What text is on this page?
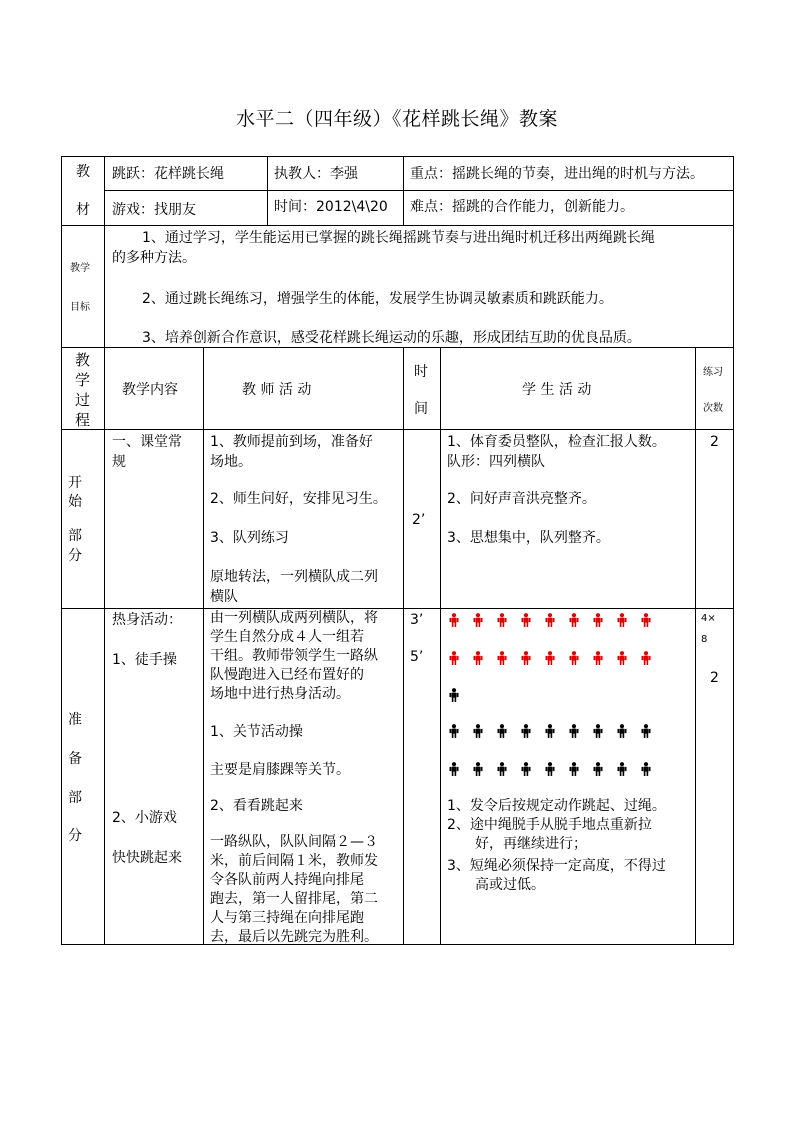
水平二（四年级）《花样跳长绳》教案
教
材
跳跃：花样跳长绳
游戏：找朋友
执教人：李强
时间：2012\4\20
重点：摇跳长绳的节奏，进出绳的时机与方法。
难点：摇跳的合作能力，创新能力。
教学
目标
1、通过学习，学生能运用已掌握的跳长绳摇跳节奏与进出绳时机迁移出两绳跳长绳
的多种方法。
2、通过跳长绳练习，增强学生的体能，发展学生协调灵敏素质和跳跃能力。
3、培养创新合作意识，感受花样跳长绳运动的乐趣，形成团结互助的优良品质。
教
学
过
程
教学内容	教 师 活 动
时
间
学 生 活 动
练习
次数
开
始
部
分
一、课堂常
规
1、教师提前到场，准备好
场地。
2、师生问好，安排见习生。
3、队列练习
原地转法，一列横队成二列
横队
2’
1、体育委员整队，检查汇报人数。
队形：四列横队
2、问好声音洪亮整齐。
3、思想集中，队列整齐。
2
准
备
部
分
热身活动：
1、徒手操
2、小游戏
快快跳起来
由一列横队成两列横队，将
学生自然分成４人一组若
干组。教师带领学生一路纵
队慢跑进入已经布置好的
场地中进行热身活动。
1、关节活动操
主要是肩膝踝等关节。
2、看看跳起来
一路纵队，队队间隔２—３
米，前后间隔１米，教师发
令各队前两人持绳向排尾
跑去，第一人留排尾，第二
人与第三持绳在向排尾跑
去，最后以先跳完为胜利。
3’
5’
1、发令后按规定动作跳起、过绳。
2、途中绳脱手从脱手地点重新拉
　　好，再继续进行；
3、短绳必须保持一定高度，不得过
　　高或过低。
4×
8
2
